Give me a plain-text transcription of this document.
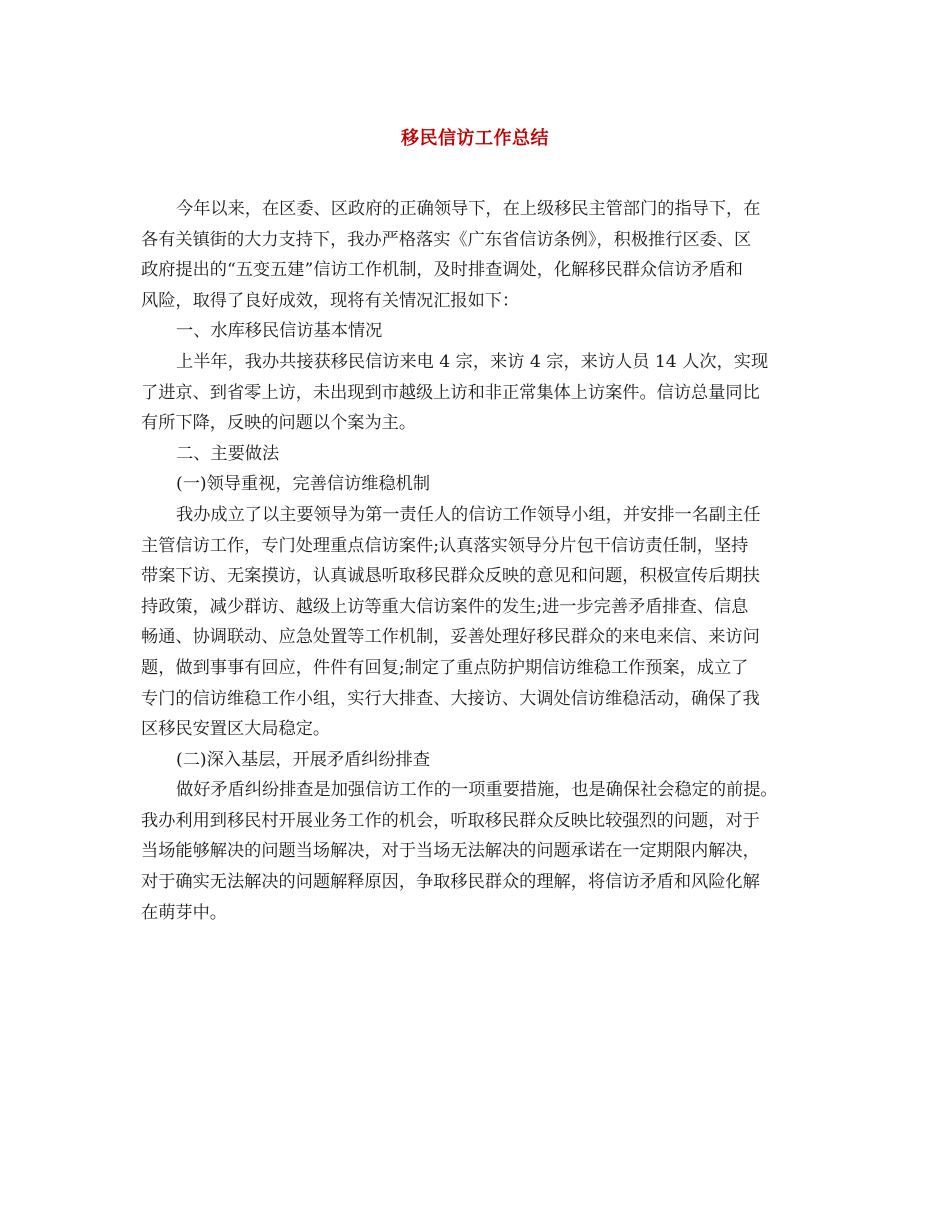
移民信访工作总结
今年以来，在区委、区政府的正确领导下，在上级移民主管部门的指导下，在
各有关镇街的大力支持下，我办严格落实《广东省信访条例》，积极推行区委、区
政府提出的“五变五建”信访工作机制，及时排查调处，化解移民群众信访矛盾和
风险，取得了良好成效，现将有关情况汇报如下：
一、水库移民信访基本情况
上半年，我办共接获移民信访来电 4 宗，来访 4 宗，来访人员 14 人次，实现
了进京、到省零上访，未出现到市越级上访和非正常集体上访案件。信访总量同比
有所下降，反映的问题以个案为主。
二、主要做法
(一)领导重视，完善信访维稳机制
我办成立了以主要领导为第一责任人的信访工作领导小组，并安排一名副主任
主管信访工作，专门处理重点信访案件;认真落实领导分片包干信访责任制，坚持
带案下访、无案摸访，认真诚恳听取移民群众反映的意见和问题，积极宣传后期扶
持政策，减少群访、越级上访等重大信访案件的发生;进一步完善矛盾排查、信息
畅通、协调联动、应急处置等工作机制，妥善处理好移民群众的来电来信、来访问
题，做到事事有回应，件件有回复;制定了重点防护期信访维稳工作预案，成立了
专门的信访维稳工作小组，实行大排查、大接访、大调处信访维稳活动，确保了我
区移民安置区大局稳定。
(二)深入基层，开展矛盾纠纷排查
做好矛盾纠纷排查是加强信访工作的一项重要措施，也是确保社会稳定的前提。
我办利用到移民村开展业务工作的机会，听取移民群众反映比较强烈的问题，对于
当场能够解决的问题当场解决，对于当场无法解决的问题承诺在一定期限内解决，
对于确实无法解决的问题解释原因，争取移民群众的理解，将信访矛盾和风险化解
在萌芽中。
